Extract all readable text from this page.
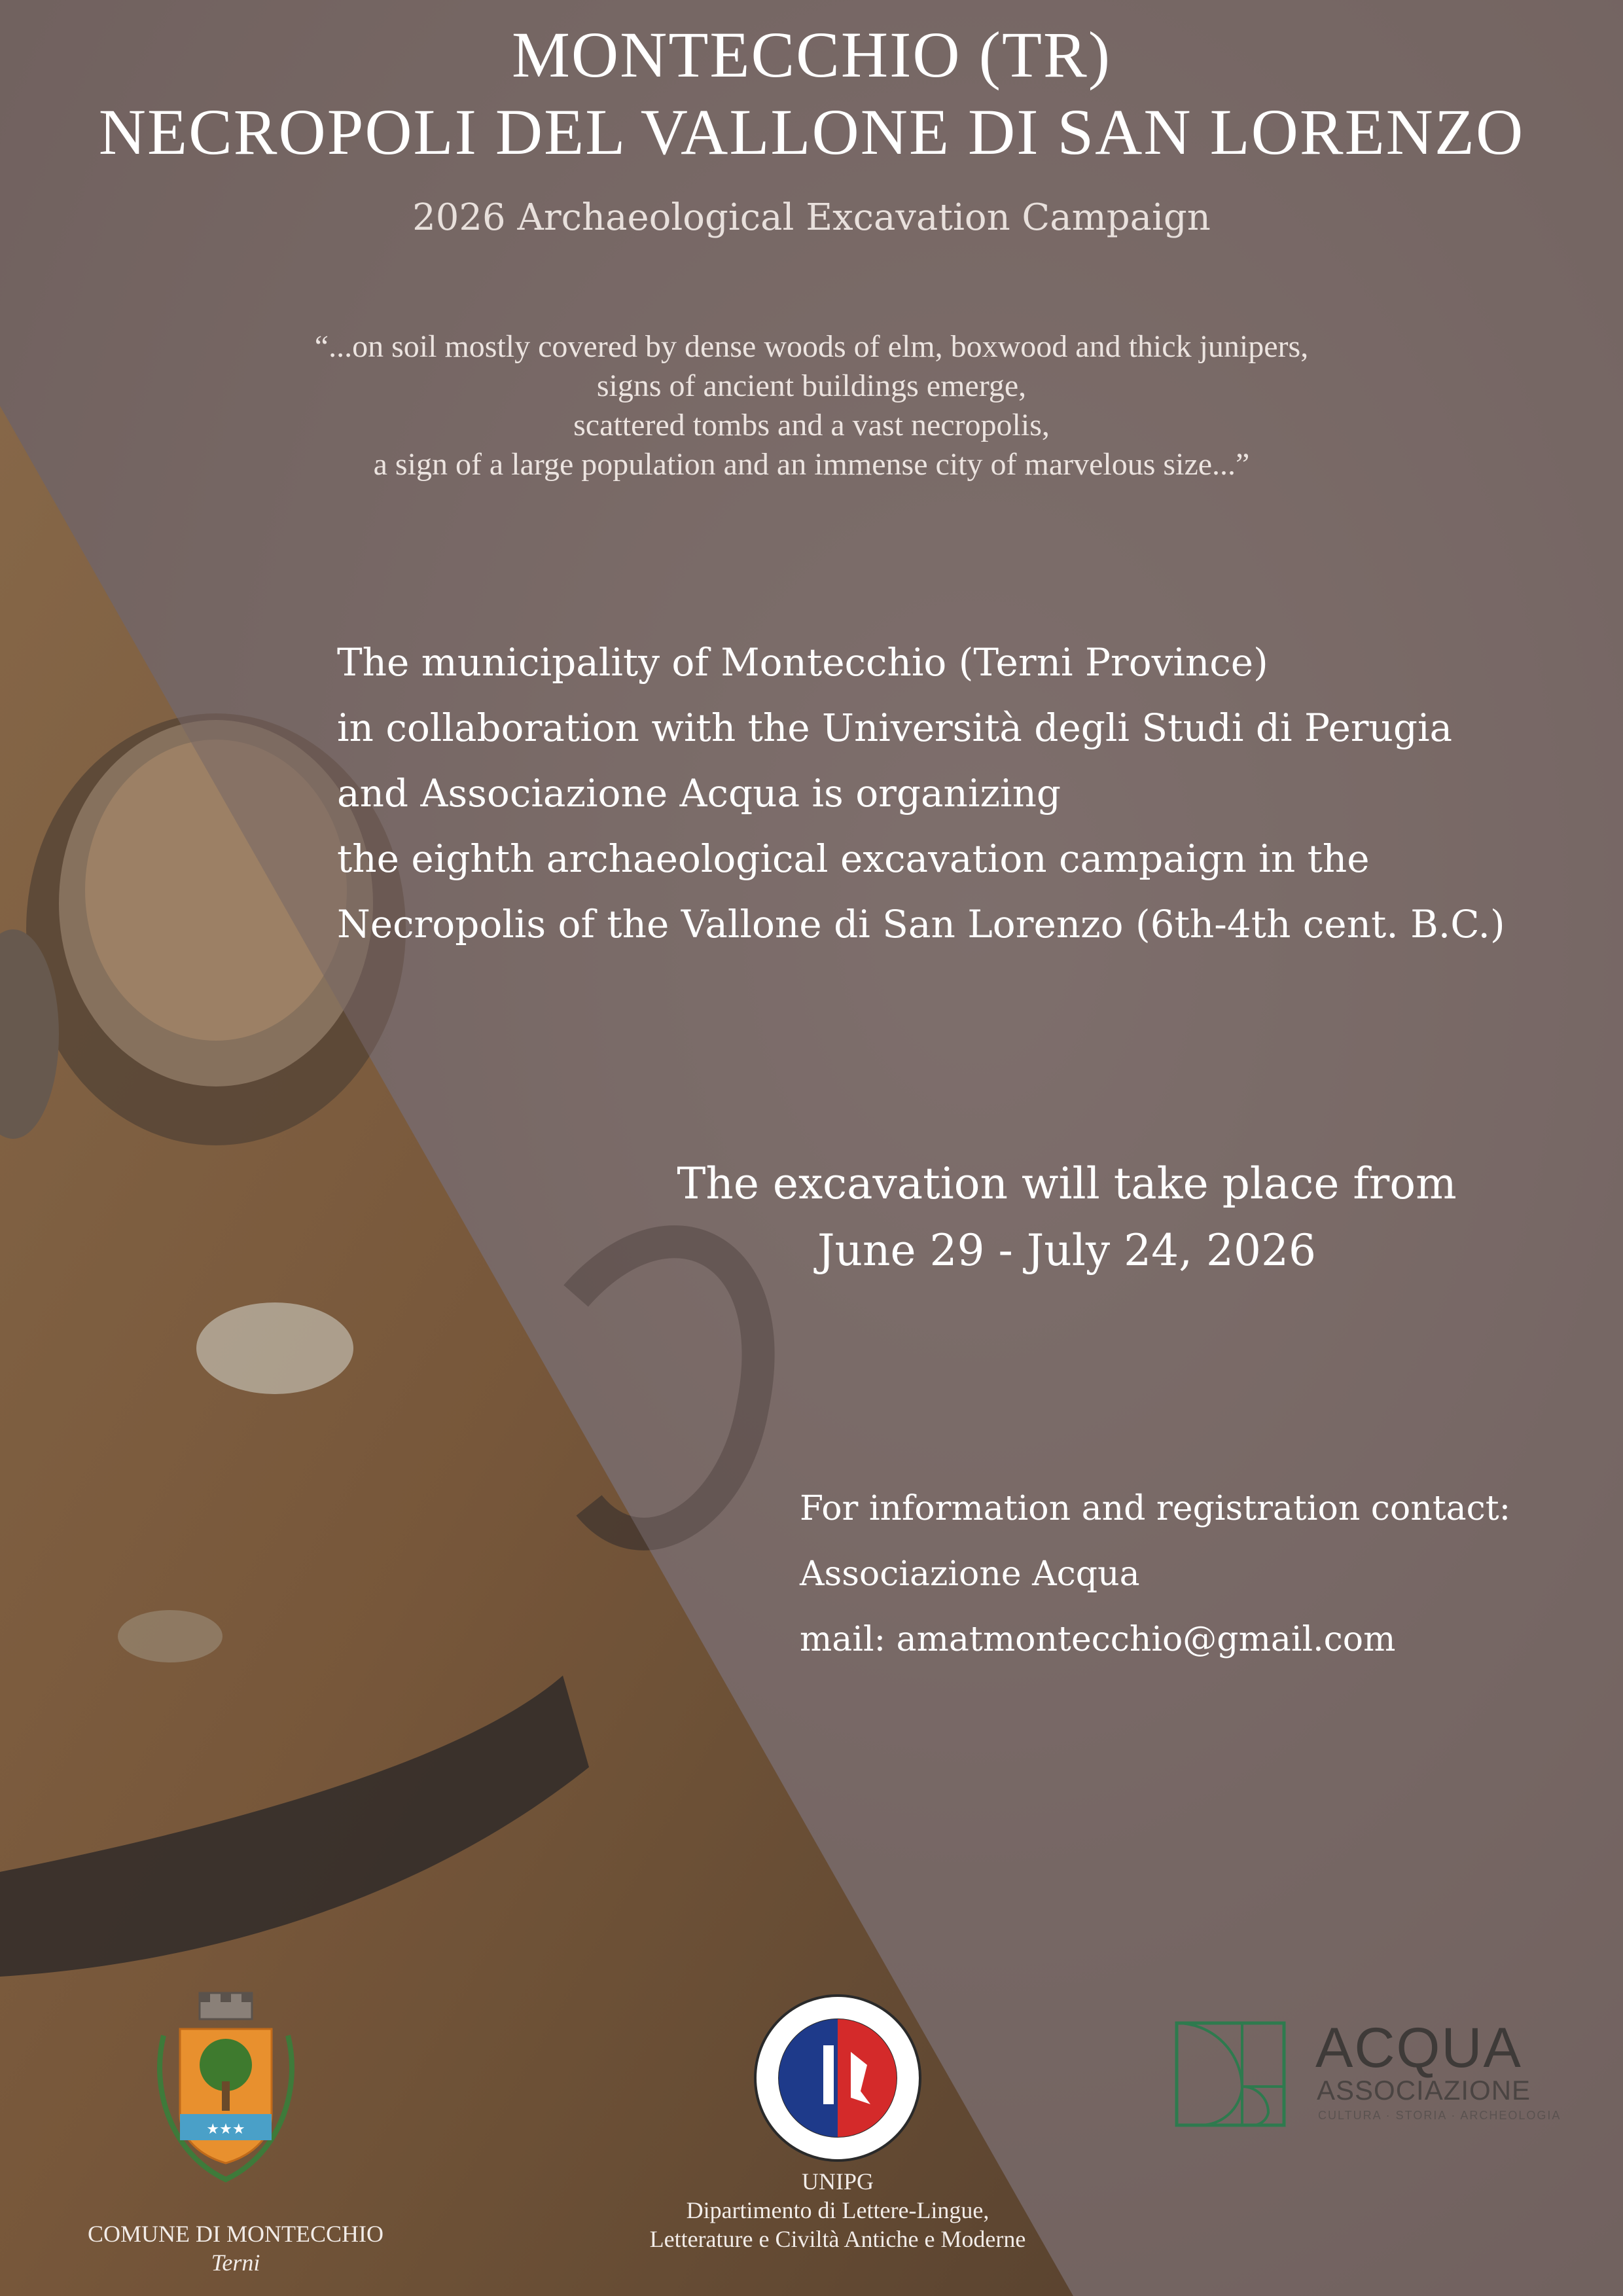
MONTECCHIO (TR)
NECROPOLI DEL VALLONE DI SAN LORENZO
2026 Archaeological Excavation Campaign
“...on soil mostly covered by dense woods of elm, boxwood and thick junipers,
signs of ancient buildings emerge,
scattered tombs and a vast necropolis,
a sign of a large population and an immense city of marvelous size...”
The municipality of Montecchio (Terni Province)
in collaboration with the Università degli Studi di Perugia
and Associazione Acqua is organizing
the eighth archaeological excavation campaign in the
Necropolis of the Vallone di San Lorenzo (6th-4th cent. B.C.)
The excavation will take place from
June 29 - July 24, 2026
For information and registration contact:
Associazione Acqua
mail: amatmontecchio@gmail.com
★★★
COMUNE DI MONTECCHIO
Terni
UNIPG
Dipartimento di Lettere-Lingue,
Letterature e Civiltà Antiche e Moderne
ACQUA
ASSOCIAZIONE
CULTURA · STORIA · ARCHEOLOGIA
